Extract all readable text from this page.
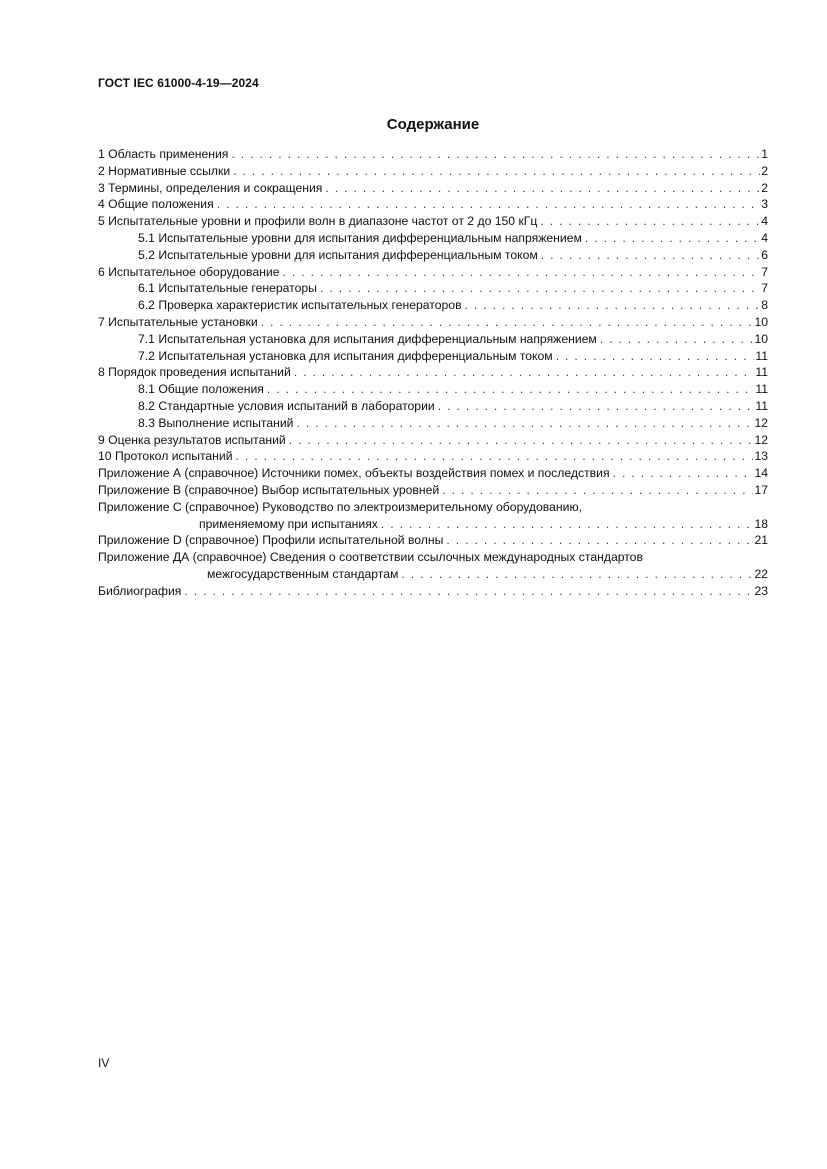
ГОСТ IEC 61000-4-19—2024
Содержание
1 Область применения . . .	1
2 Нормативные ссылки . . .	2
3 Термины, определения и сокращения . . .	2
4 Общие положения . . .	3
5 Испытательные уровни и профили волн в диапазоне частот от 2 до 150 кГц . . .	4
5.1 Испытательные уровни для испытания дифференциальным напряжением . . .	4
5.2 Испытательные уровни для испытания дифференциальным током . . .	6
6 Испытательное оборудование . . .	7
6.1 Испытательные генераторы . . .	7
6.2 Проверка характеристик испытательных генераторов . . .	8
7 Испытательные установки . . .	10
7.1 Испытательная установка для испытания дифференциальным напряжением . . .	10
7.2 Испытательная установка для испытания дифференциальным током . . .	11
8 Порядок проведения испытаний . . .	11
8.1 Общие положения . . .	11
8.2 Стандартные условия испытаний в лаборатории . . .	11
8.3 Выполнение испытаний . . .	12
9 Оценка результатов испытаний . . .	12
10 Протокол испытаний . . .	13
Приложение А (справочное) Источники помех, объекты воздействия помех и последствия . . .	14
Приложение В (справочное) Выбор испытательных уровней . . .	17
Приложение С (справочное) Руководство по электроизмерительному оборудованию,
применяемому при испытаниях . . .	18
Приложение D (справочное) Профили испытательной волны . . .	21
Приложение ДА (справочное) Сведения о соответствии ссылочных международных стандартов
межгосударственным стандартам . . .	22
Библиография . . .	23
IV
